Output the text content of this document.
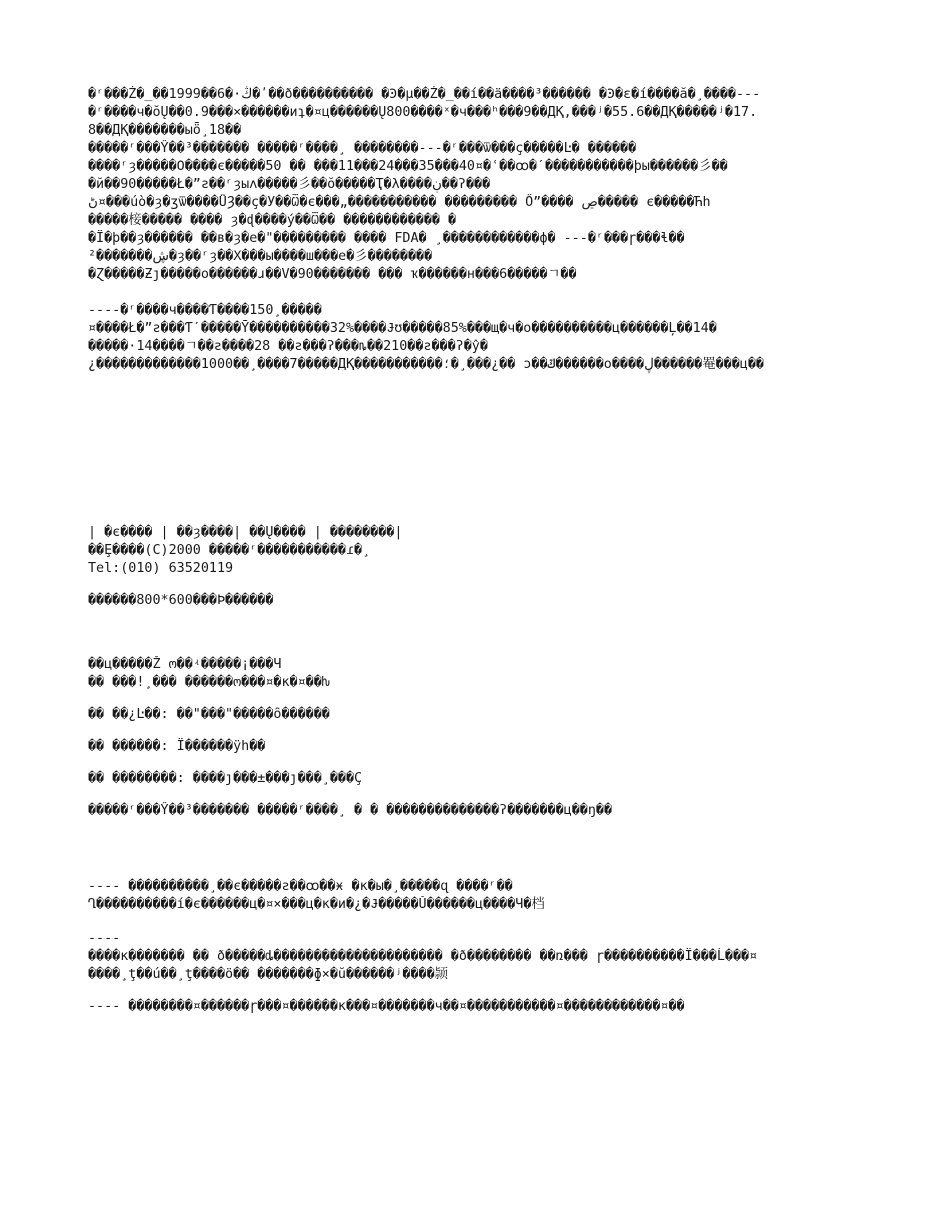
�ʳ���Ź�_��1999��6�·ڭ�ʹ��ð���������� �Ͽ�µ��Ź�_��í��ä����³������ �Ͽ�ε�í����ă�¸����---
�ʳ����ч�ŏŲ��0.9���×������иʇ�¤ц������Ų800����ˣ�ч���ʰ���9��ДҚ,���ʲ�55.6��ДҚ�����ʲ�17.
8��ДҚ�������ыȫ¸18��
�����ʳ���Ŷ��³������� �����ʳ����¸ ��������---�ʳ���ѿ���ç�����Ŀ� ������
����ʳȝ�����Ο����є�����50 �� ���11���24���35���40¤�ʿ��ꝏ�ˊ�����������ϸы������彡��
�й��90�����Ł�”ƨ��ʳȝыʌ�����彡��ŏ�����Ҭ�λ����ڹ��ʔ���
ڻ¤���úò�ȝ�ʒѿ����ǙȜ��ç�У��Ѿ�є���„����������� ��������� Ő”���� ڝ����� є�����Ћh
�����椄����� ���� ȝ�ɖ����ý��Ѿ�� ������������ �
�Ï�þ��ȝ������ ��в�ȝ�е�"��������� ���� FDA� ¸������������ф� ---�ʳ���ɼ���ɬ��
²�������ڜ�ȝ��ʳȝ��Χ���ы����ш���е�彡��������
�Ɀ�����Ƶȷ�����о������ɹ��V�90������� ��� ҡ������н���6�����ㄱ��
----�ʳ����ч����Ƭ����150¸�����
¤����Ł�”ƨ���Ƭˊ�����Ȳ����������32%����Ɉʊ�����85%���щ�ч�о����������ц������Ļ��14�
�����·14����ㄱ��ƨ����28 ��ƨ���ʔ���ȵ��210��ƨ���ʔ�ŷ�
¿�������������1000��¸����7�����ДҚ�����������؛�¸���¿�� ɔ��ݿ������о����ڸ������罨���ц��
| �є���� | ��ȝ����| ��Ų���� | ��������|
��Ȩ����(C)2000 �����ʳ�����������ɾ�¸
Tel:(010) 63520119
������800*600���Ϸ������
��ц�����Ž ო��ʵ�����¡���Ч
�� ���ǃ¸��� ������ო���¤�к�¤��ƕ
�� ��¿Ŀ��: ��"���"�����ȏ������
�� ������: Ї������ӱh��
�� ��������: ����ȷ���±���ȷ���¸���Ç
�����ʳ���Ŷ��³������� �����ʳ����¸ � � ��������������ʔ�������ц��ŋ��
---- ����������¸��є�����ƨ��ꝏ��ӿ �к�ы�¸�����ɋ ����ʳ��
Ղ����������í�є������ц�¤×���ц�к�и�¿�Ɉ�����Ǔ������ц����Ч�档
----
����к������� �� ð�����ȡ��������������������� �ð�������� ��ռ��� ɼ����������Ї���Ĺ���¤
����¸ţ��ú��¸ţ����ö�� �������ɸ×�ŭ������ʲ����颕
---- ��������¤������ɼ���¤������к���¤�������ч��¤�����������¤������������¤��
